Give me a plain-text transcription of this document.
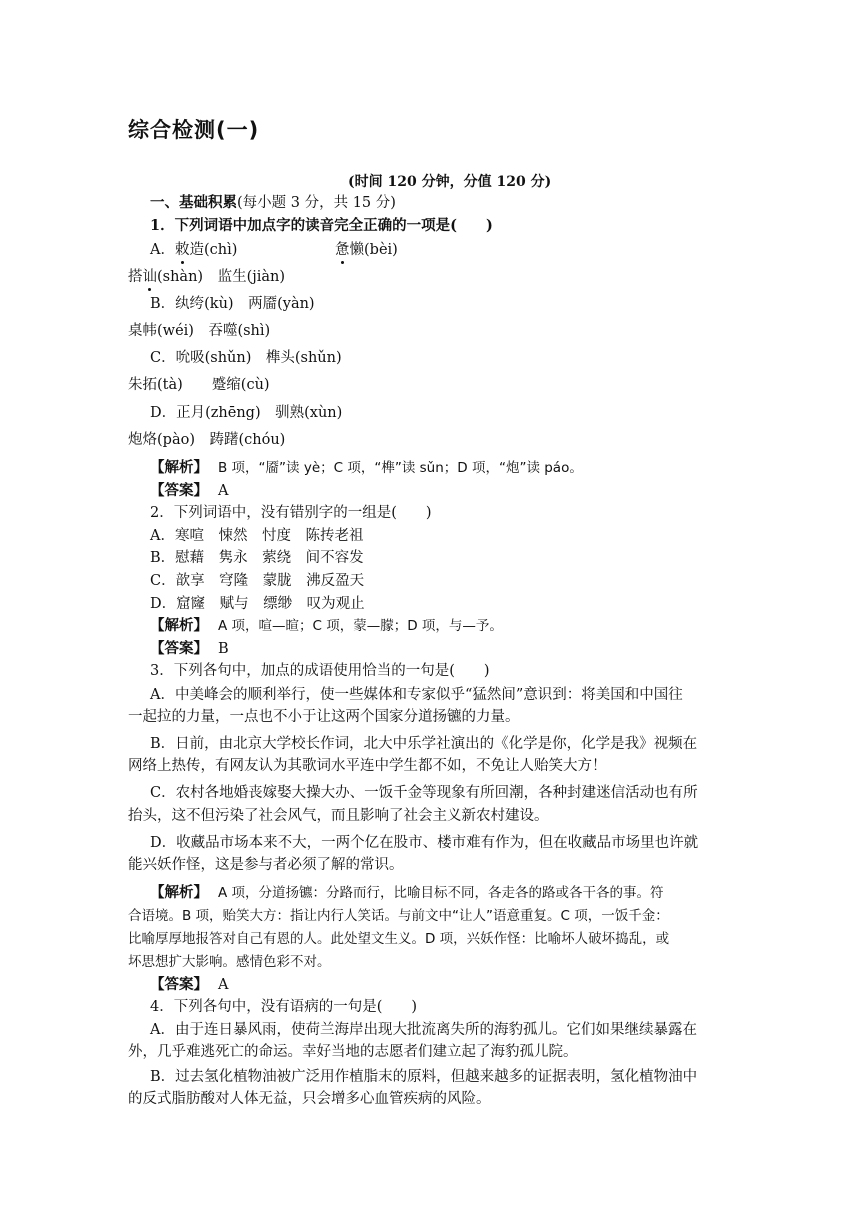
综合检测(一)
(时间 120 分钟，分值 120 分)
一、基础积累(每小题 3 分，共 15 分)
1．下列词语中加点字的读音完全正确的一项是(　　)
A．敕造(chì)	惫懒(bèi)
搭讪(shàn)　监生(jiàn)
B．纨绔(kù)　两靥(yàn)
桌帏(wéi)　吞噬(shì)
C．吮吸(shǔn)　榫头(shǔn)
朱拓(tà)　　蹙缩(cù)
D．正月(zhēng)　驯熟(xùn)
炮烙(pào)　踌躇(chóu)
【解析】 B 项，“靥”读 yè；C 项，“榫”读 sǔn；D 项，“炮”读 páo。
【答案】 A
2．下列词语中，没有错别字的一组是(　　)
A．寒喧　悚然　忖度　陈抟老祖
B．慰藉　隽永　萦绕　间不容发
C．歆享　穹隆　蒙胧　沸反盈天
D．窟窿　赋与　缥缈　叹为观止
【解析】 A 项，喧—暄；C 项，蒙—朦；D 项，与—予。
【答案】 B
3．下列各句中，加点的成语使用恰当的一句是(　　)
A．中美峰会的顺利举行，使一些媒体和专家似乎“猛然间”意识到：将美国和中国往
一起拉的力量，一点也不小于让这两个国家分道扬镳的力量。
B．日前，由北京大学校长作词，北大中乐学社演出的《化学是你，化学是我》视频在
网络上热传，有网友认为其歌词水平连中学生都不如，不免让人贻笑大方！
C．农村各地婚丧嫁娶大操大办、一饭千金等现象有所回潮，各种封建迷信活动也有所
抬头，这不但污染了社会风气，而且影响了社会主义新农村建设。
D．收藏品市场本来不大，一两个亿在股市、楼市难有作为，但在收藏品市场里也许就
能兴妖作怪，这是参与者必须了解的常识。
【解析】 A 项，分道扬镳：分路而行，比喻目标不同，各走各的路或各干各的事。符
合语境。B 项，贻笑大方：指让内行人笑话。与前文中“让人”语意重复。C 项，一饭千金：
比喻厚厚地报答对自己有恩的人。此处望文生义。D 项，兴妖作怪：比喻坏人破坏捣乱，或
坏思想扩大影响。感情色彩不对。
【答案】 A
4．下列各句中，没有语病的一句是(　　)
A．由于连日暴风雨，使荷兰海岸出现大批流离失所的海豹孤儿。它们如果继续暴露在
外，几乎难逃死亡的命运。幸好当地的志愿者们建立起了海豹孤儿院。
B．过去氢化植物油被广泛用作植脂末的原料，但越来越多的证据表明，氢化植物油中
的反式脂肪酸对人体无益，只会增多心血管疾病的风险。
